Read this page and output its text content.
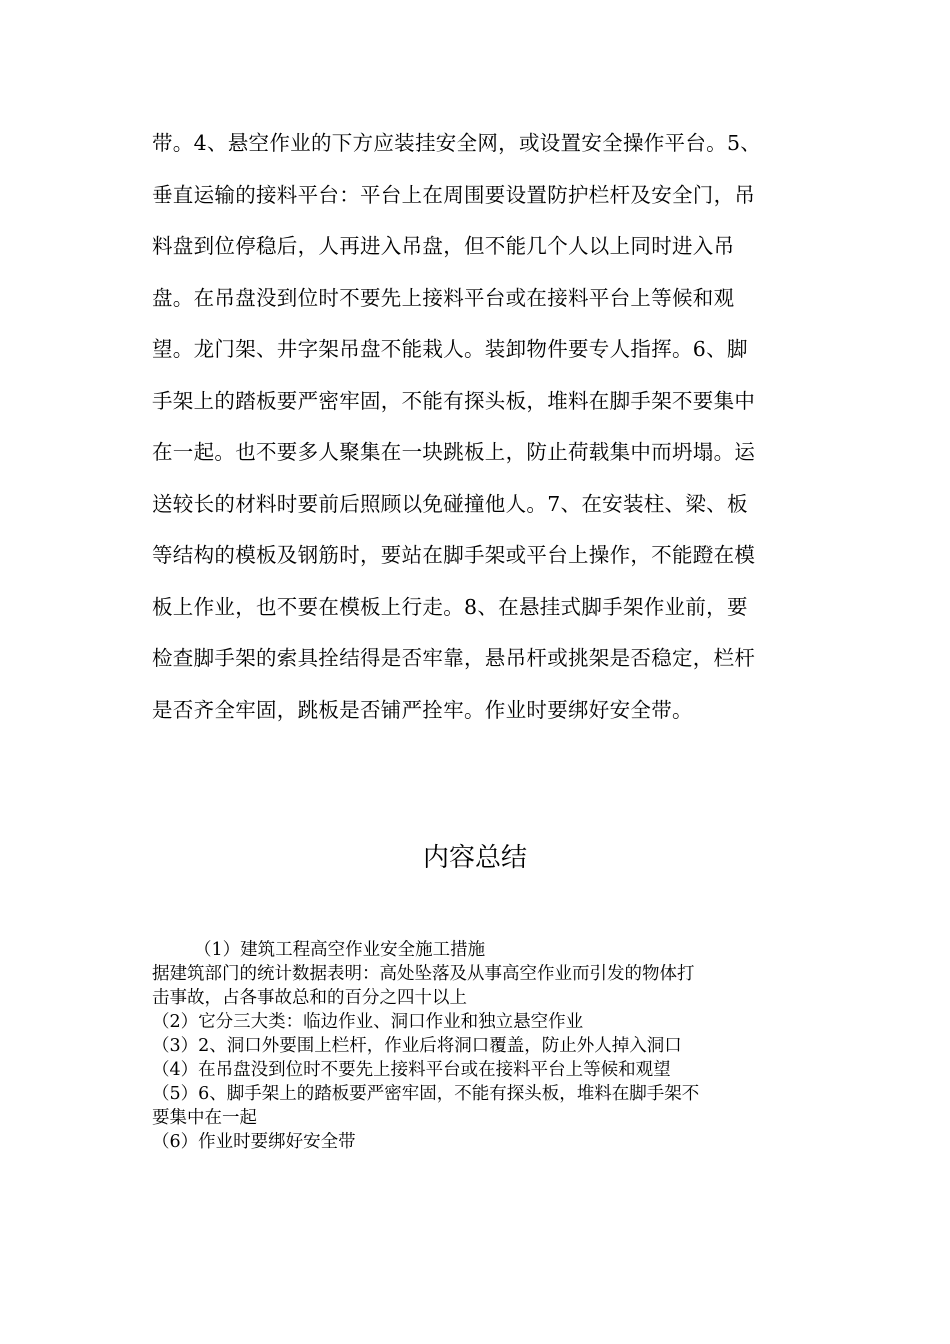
带。4、悬空作业的下方应装挂安全网，或设置安全操作平台。5、
垂直运输的接料平台：平台上在周围要设置防护栏杆及安全门，吊
料盘到位停稳后，人再进入吊盘，但不能几个人以上同时进入吊
盘。在吊盘没到位时不要先上接料平台或在接料平台上等候和观
望。龙门架、井字架吊盘不能栽人。装卸物件要专人指挥。6、脚
手架上的踏板要严密牢固，不能有探头板，堆料在脚手架不要集中
在一起。也不要多人聚集在一块跳板上，防止荷载集中而坍塌。运
送较长的材料时要前后照顾以免碰撞他人。7、在安装柱、梁、板
等结构的模板及钢筋时，要站在脚手架或平台上操作，不能蹬在模
板上作业，也不要在模板上行走。8、在悬挂式脚手架作业前，要
检查脚手架的索具拴结得是否牢靠，悬吊杆或挑架是否稳定，栏杆
是否齐全牢固，跳板是否铺严拴牢。作业时要绑好安全带。
内容总结
（1）建筑工程高空作业安全施工措施
据建筑部门的统计数据表明：高处坠落及从事高空作业而引发的物体打
击事故，占各事故总和的百分之四十以上
（2）它分三大类：临边作业、洞口作业和独立悬空作业
（3）2、洞口外要围上栏杆，作业后将洞口覆盖，防止外人掉入洞口
（4）在吊盘没到位时不要先上接料平台或在接料平台上等候和观望
（5）6、脚手架上的踏板要严密牢固，不能有探头板，堆料在脚手架不
要集中在一起
（6）作业时要绑好安全带
